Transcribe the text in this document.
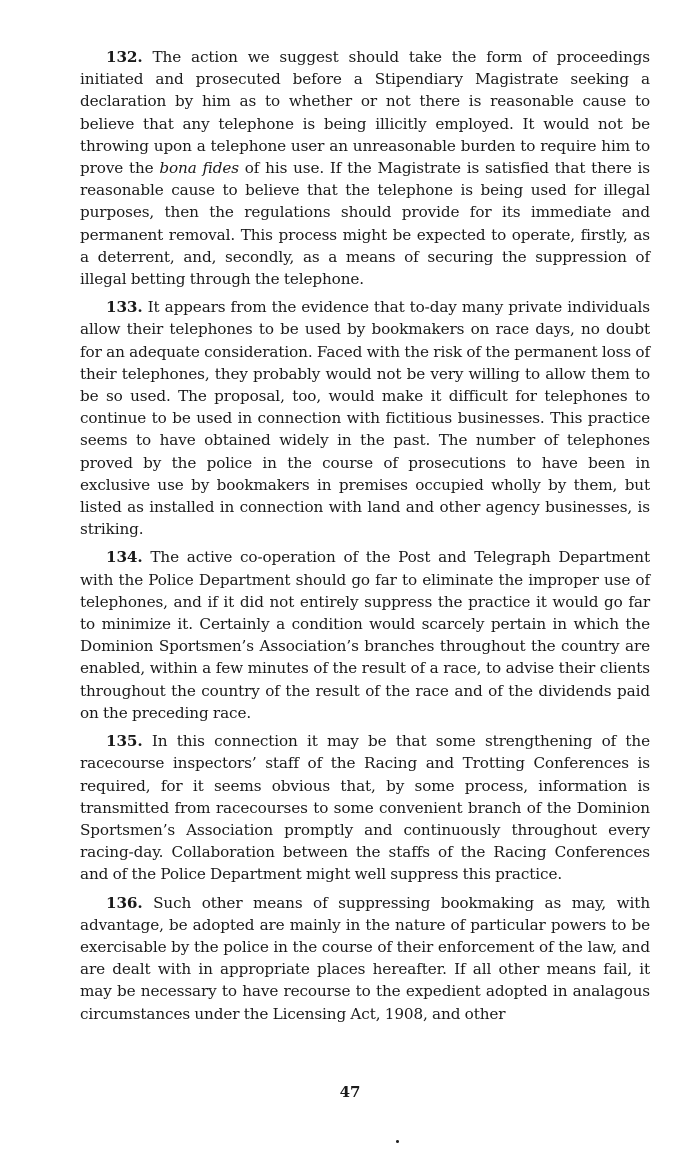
132. The action we suggest should take the form of proceedings initiated and prosecuted before a Stipendiary Magistrate seeking a declaration by him as to whether or not there is reasonable cause to believe that any telephone is being illicitly employed. It would not be throwing upon a telephone user an unreasonable burden to require him to prove the bona fides of his use. If the Magistrate is satisfied that there is reasonable cause to believe that the telephone is being used for illegal purposes, then the regulations should provide for its immediate and permanent removal. This process might be expected to operate, firstly, as a deterrent, and, secondly, as a means of securing the suppression of illegal betting through the telephone.

133. It appears from the evidence that to-day many private individuals allow their telephones to be used by bookmakers on race days, no doubt for an adequate consideration. Faced with the risk of the permanent loss of their telephones, they probably would not be very willing to allow them to be so used. The proposal, too, would make it difficult for telephones to continue to be used in connection with fictitious businesses. This practice seems to have obtained widely in the past. The number of telephones proved by the police in the course of prosecutions to have been in exclusive use by bookmakers in premises occupied wholly by them, but listed as installed in connection with land and other agency businesses, is striking.

134. The active co-operation of the Post and Telegraph Department with the Police Department should go far to eliminate the improper use of telephones, and if it did not entirely suppress the practice it would go far to minimize it. Certainly a condition would scarcely pertain in which the Dominion Sportsmen’s Association’s branches throughout the country are enabled, within a few minutes of the result of a race, to advise their clients throughout the country of the result of the race and of the dividends paid on the preceding race.

135. In this connection it may be that some strengthening of the racecourse inspectors’ staff of the Racing and Trotting Conferences is required, for it seems obvious that, by some process, information is transmitted from racecourses to some convenient branch of the Dominion Sportsmen’s Association promptly and continuously throughout every racing-day. Collaboration between the staffs of the Racing Conferences and of the Police Department might well suppress this practice.

136. Such other means of suppressing bookmaking as may, with advantage, be adopted are mainly in the nature of particular powers to be exercisable by the police in the course of their enforcement of the law, and are dealt with in appropriate places hereafter. If all other means fail, it may be necessary to have recourse to the expedient adopted in analagous circumstances under the Licensing Act, 1908, and other

47
